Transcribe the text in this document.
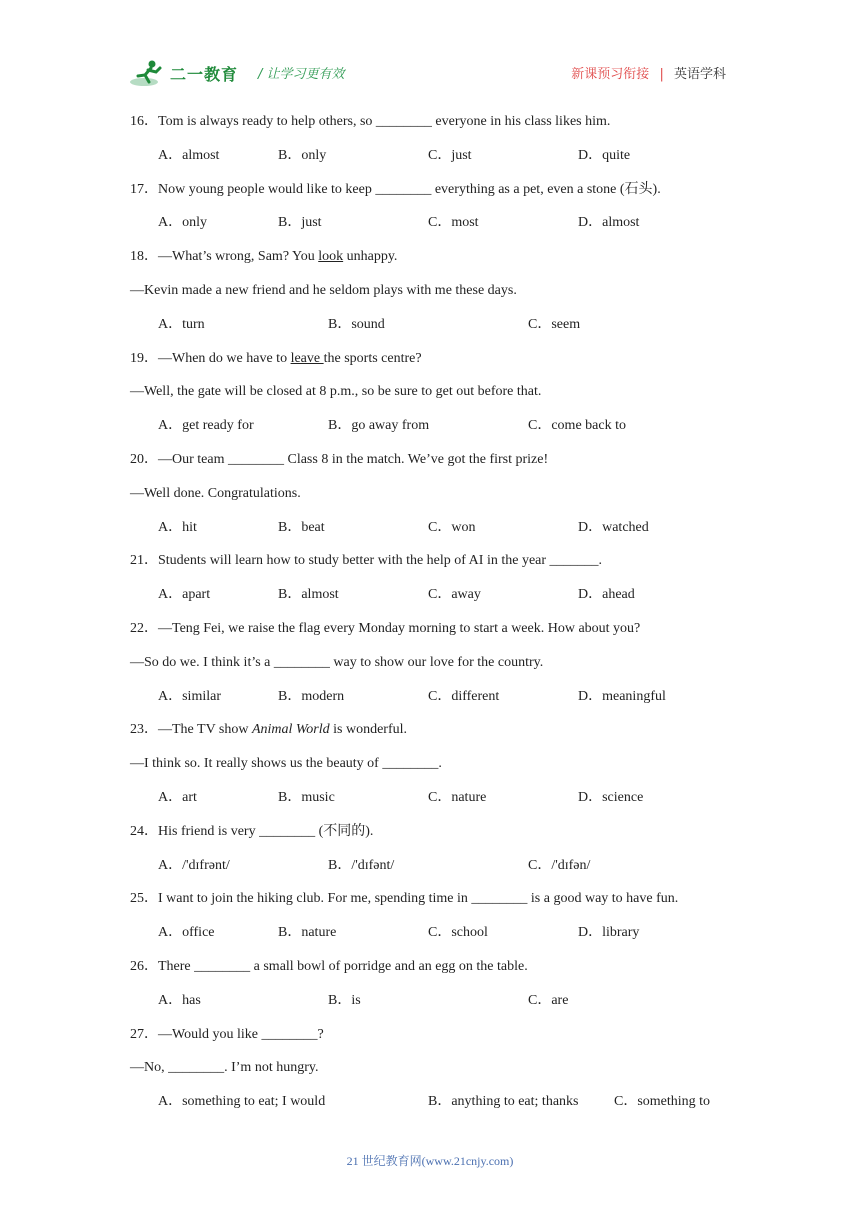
二一教育 / 让学习更有效	新课预习衔接 | 英语学科
16．Tom is always ready to help others, so ________ everyone in his class likes him.
A．almost	B．only	C．just	D．quite
17．Now young people would like to keep ________ everything as a pet, even a stone (石头).
A．only	B．just	C．most	D．almost
18．—What’s wrong, Sam? You look unhappy.
—Kevin made a new friend and he seldom plays with me these days.
A．turn	B．sound	C．seem
19．—When do we have to leave the sports centre?
—Well, the gate will be closed at 8 p.m., so be sure to get out before that.
A．get ready for	B．go away from	C．come back to
20．—Our team ________ Class 8 in the match. We’ve got the first prize!
—Well done. Congratulations.
A．hit	B．beat	C．won	D．watched
21．Students will learn how to study better with the help of AI in the year _______.
A．apart	B．almost	C．away	D．ahead
22．—Teng Fei, we raise the flag every Monday morning to start a week. How about you?
—So do we. I think it’s a ________ way to show our love for the country.
A．similar	B．modern	C．different	D．meaningful
23．—The TV show Animal World is wonderful.
—I think so. It really shows us the beauty of ________.
A．art	B．music	C．nature	D．science
24．His friend is very ________ (不同的).
A．/'dɪfrənt/	B．/'dɪfənt/	C．/'dɪfən/
25．I want to join the hiking club. For me, spending time in ________ is a good way to have fun.
A．office	B．nature	C．school	D．library
26．There ________ a small bowl of porridge and an egg on the table.
A．has	B．is	C．are
27．—Would you like ________?
—No, ________. I’m not hungry.
A．something to eat; I would	B．anything to eat; thanks	C．something to
21 世纪教育网(www.21cnjy.com)
